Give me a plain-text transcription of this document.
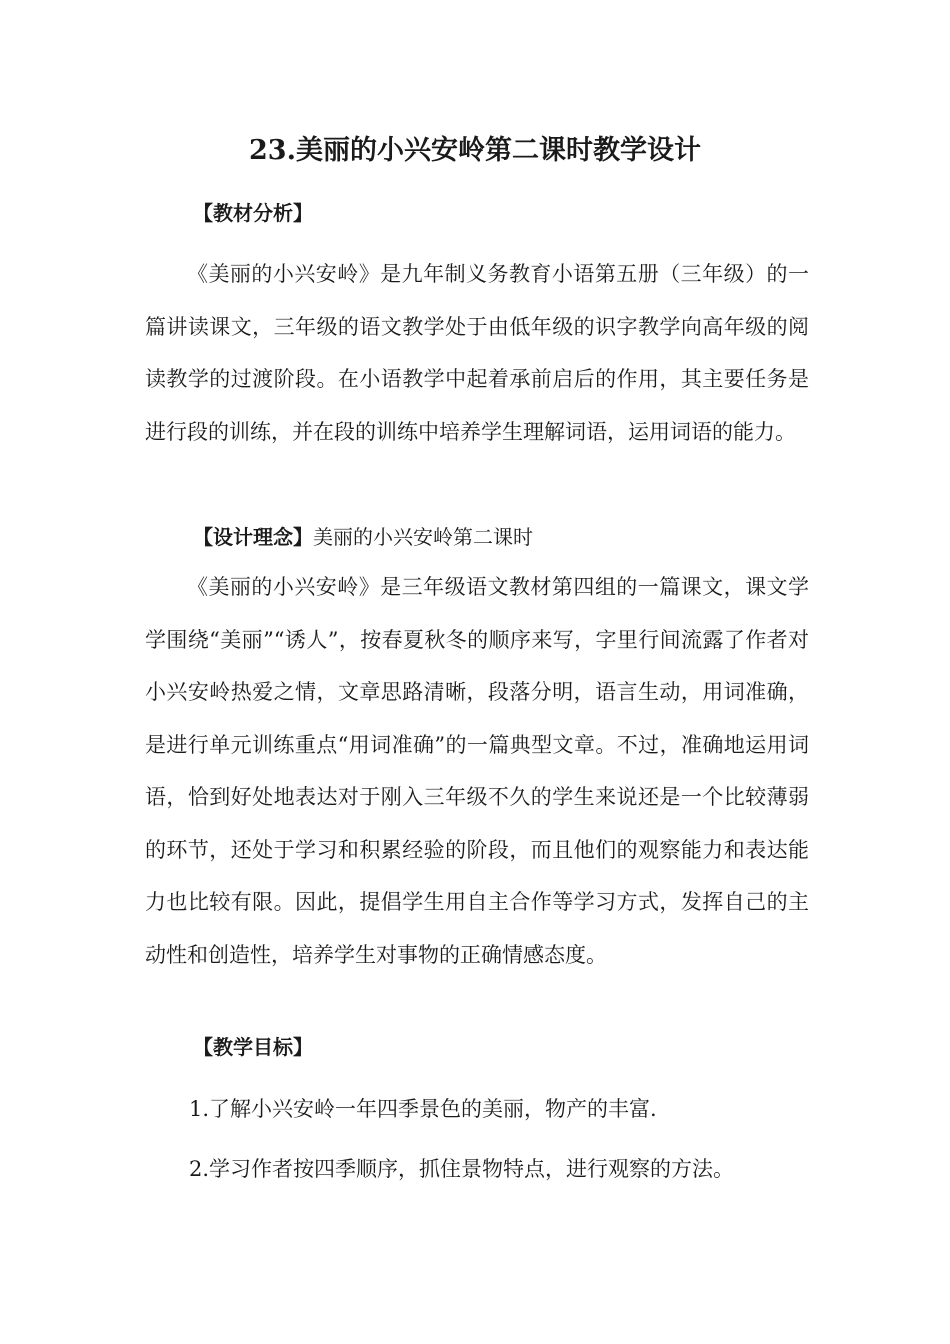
23.美丽的小兴安岭第二课时教学设计
【教材分析】

《美丽的小兴安岭》是九年制义务教育小语第五册（三年级）的一篇讲读课文，三年级的语文教学处于由低年级的识字教学向高年级的阅读教学的过渡阶段。在小语教学中起着承前启后的作用，其主要任务是进行段的训练，并在段的训练中培养学生理解词语，运用词语的能力。

【设计理念】美丽的小兴安岭第二课时

《美丽的小兴安岭》是三年级语文教材第四组的一篇课文，课文学学围绕“美丽”“诱人”，按春夏秋冬的顺序来写，字里行间流露了作者对小兴安岭热爱之情，文章思路清晰，段落分明，语言生动，用词准确，是进行单元训练重点“用词准确”的一篇典型文章。不过，准确地运用词语，恰到好处地表达对于刚入三年级不久的学生来说还是一个比较薄弱的环节，还处于学习和积累经验的阶段，而且他们的观察能力和表达能力也比较有限。因此，提倡学生用自主合作等学习方式，发挥自己的主动性和创造性，培养学生对事物的正确情感态度。

【教学目标】

1.了解小兴安岭一年四季景色的美丽，物产的丰富.

2.学习作者按四季顺序，抓住景物特点，进行观察的方法。
